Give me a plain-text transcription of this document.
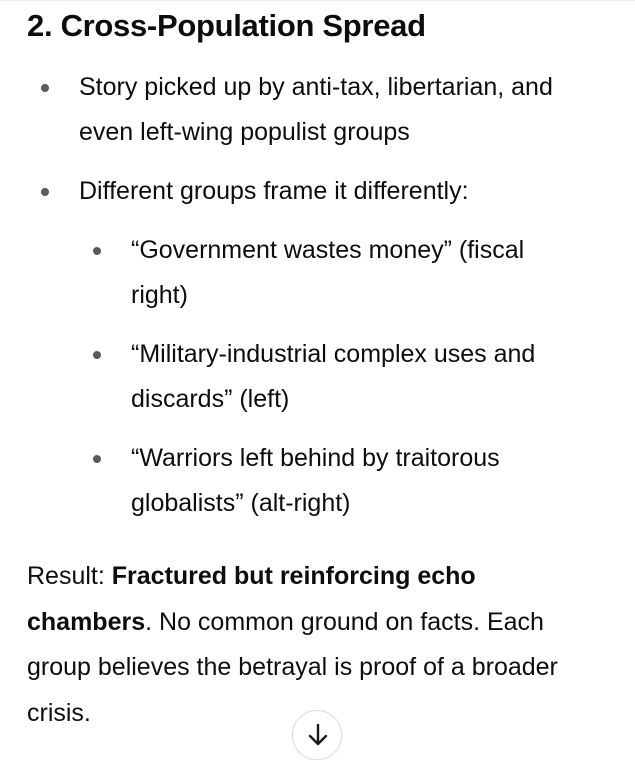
2. Cross-Population Spread
Story picked up by anti-tax, libertarian, and
even left-wing populist groups
Different groups frame it differently:
“Government wastes money” (fiscal
right)
“Military-industrial complex uses and
discards” (left)
“Warriors left behind by traitorous
globalists” (alt-right)

Result: Fractured but reinforcing echo
chambers. No common ground on facts. Each
group believes the betrayal is proof of a broader
crisis.
